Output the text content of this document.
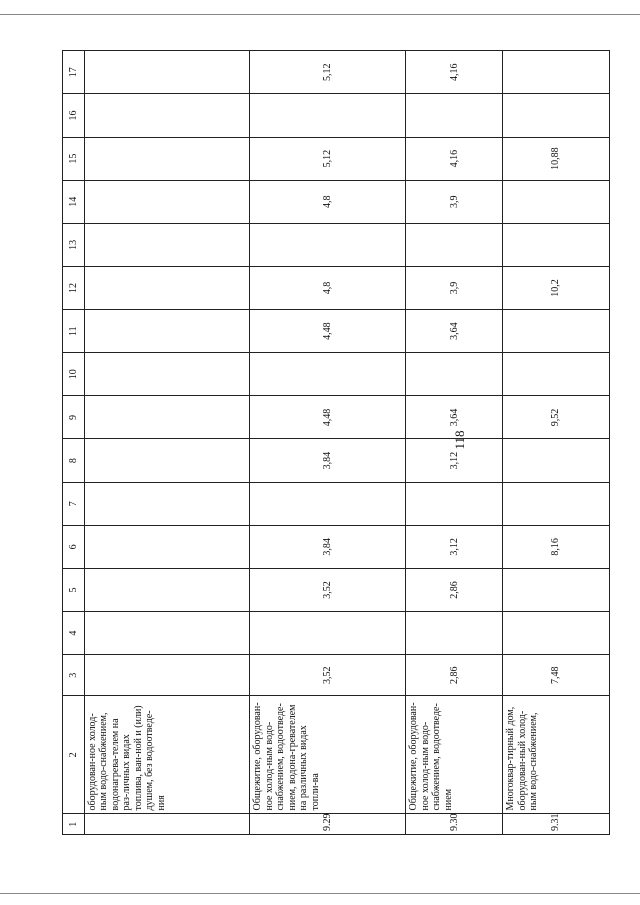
118
1	2	3	4	5	6	7	8	9	10	11	12	13	14	15	16	17
	оборудован-ное холод-ным водо-снабжением, водонагрева-телем на раз-личных видах топлива, ван-ной и (или) душем, без водоотведе-ния															
9.29	Общежитие, оборудован-ное холод-ным водо-снабжением, водоотведе-нием, водона-гревателем на различных видах топли-ва	3,52		3,52	3,84		3,84	4,48		4,48	4,8		4,8	5,12		5,12
9.30	Общежитие, оборудован-ное холод-ным водо-снабжением, водоотведе-нием	2,86		2,86	3,12		3,12	3,64		3,64	3,9		3,9	4,16		4,16
9.31	Многоквар-тирный дом, оборудован-ный холод-ным водо-снабжением,	7,48			8,16			9,52			10,2			10,88		
